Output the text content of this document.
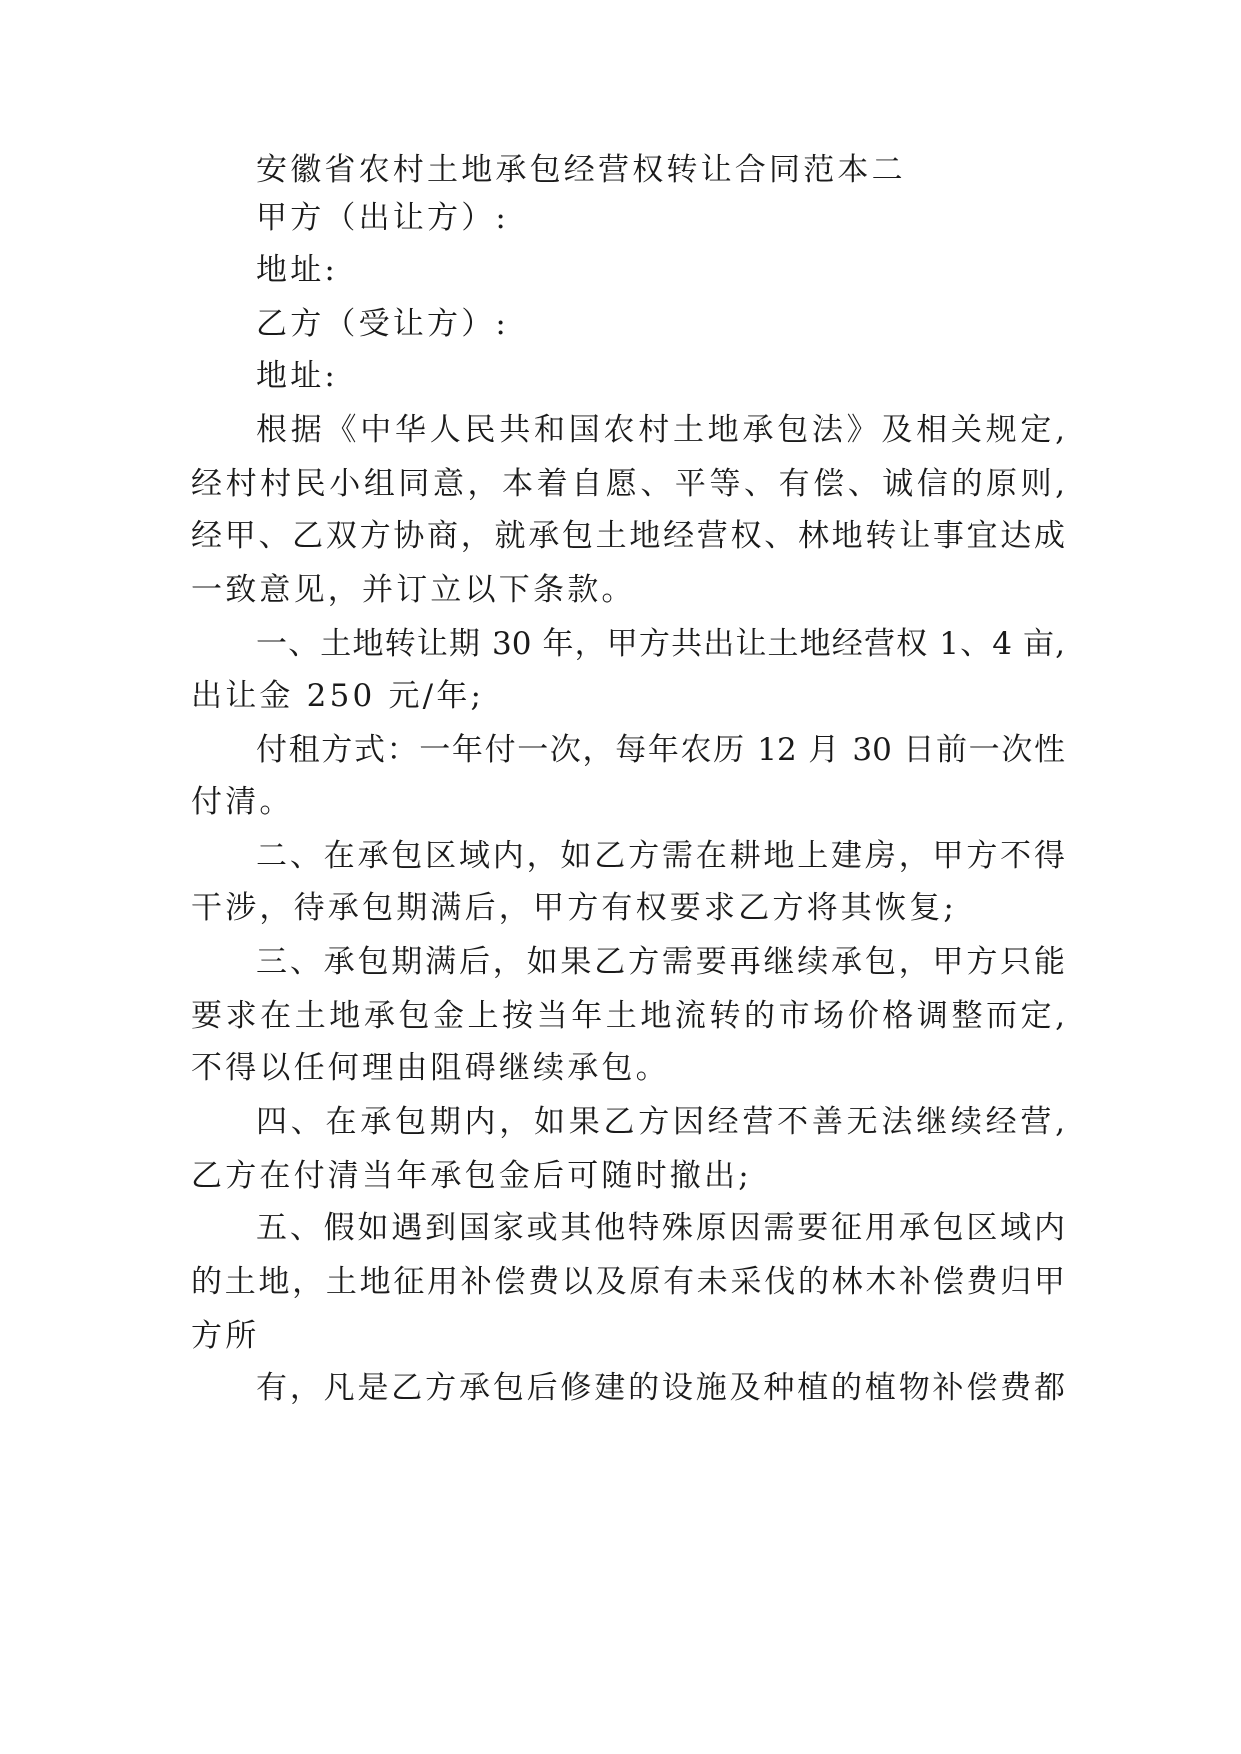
安徽省农村土地承包经营权转让合同范本二
甲方（出让方）:
地址:
乙方（受让方）:
地址:
根据《中华人民共和国农村土地承包法》及相关规定,
经村村民小组同意，本着自愿、平等、有偿、诚信的原则,
经甲、乙双方协商，就承包土地经营权、林地转让事宜达成
一致意见，并订立以下条款。
一、土地转让期 30 年，甲方共出让土地经营权 1、4 亩,
出让金 250 元/年;
付租方式：一年付一次，每年农历 12 月 30 日前一次性
付清。
二、在承包区域内，如乙方需在耕地上建房，甲方不得
干涉，待承包期满后，甲方有权要求乙方将其恢复;
三、承包期满后，如果乙方需要再继续承包，甲方只能
要求在土地承包金上按当年土地流转的市场价格调整而定,
不得以任何理由阻碍继续承包。
四、在承包期内，如果乙方因经营不善无法继续经营,
乙方在付清当年承包金后可随时撤出;
五、假如遇到国家或其他特殊原因需要征用承包区域内
的土地，土地征用补偿费以及原有未采伐的林木补偿费归甲
方所
有，凡是乙方承包后修建的设施及种植的植物补偿费都
